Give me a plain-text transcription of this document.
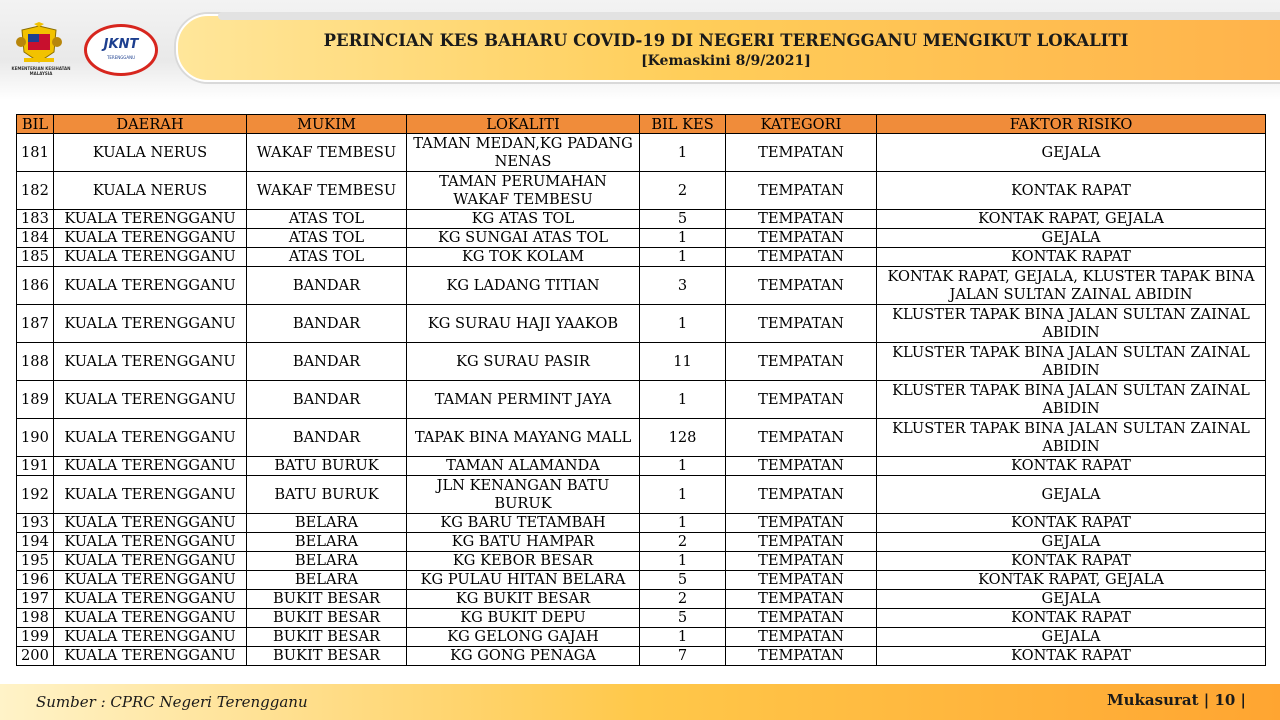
KEMENTERIAN KESIHATAN
MALAYSIA
JKNT
TERENGGANU
PERINCIAN KES BAHARU COVID-19 DI NEGERI TERENGGANU MENGIKUT LOKALITI
[Kemaskini 8/9/2021]
BIL	DAERAH	MUKIM	LOKALITI	BIL KES	KATEGORI	FAKTOR RISIKO
181	KUALA NERUS	WAKAF TEMBESU	TAMAN MEDAN,KG PADANG NENAS	1	TEMPATAN	GEJALA
182	KUALA NERUS	WAKAF TEMBESU	TAMAN PERUMAHAN WAKAF TEMBESU	2	TEMPATAN	KONTAK RAPAT
183	KUALA TERENGGANU	ATAS TOL	KG ATAS TOL	5	TEMPATAN	KONTAK RAPAT, GEJALA
184	KUALA TERENGGANU	ATAS TOL	KG SUNGAI ATAS TOL	1	TEMPATAN	GEJALA
185	KUALA TERENGGANU	ATAS TOL	KG TOK KOLAM	1	TEMPATAN	KONTAK RAPAT
186	KUALA TERENGGANU	BANDAR	KG LADANG TITIAN	3	TEMPATAN	KONTAK RAPAT, GEJALA, KLUSTER TAPAK BINA JALAN SULTAN ZAINAL ABIDIN
187	KUALA TERENGGANU	BANDAR	KG SURAU HAJI YAAKOB	1	TEMPATAN	KLUSTER TAPAK BINA JALAN SULTAN ZAINAL ABIDIN
188	KUALA TERENGGANU	BANDAR	KG SURAU PASIR	11	TEMPATAN	KLUSTER TAPAK BINA JALAN SULTAN ZAINAL ABIDIN
189	KUALA TERENGGANU	BANDAR	TAMAN PERMINT JAYA	1	TEMPATAN	KLUSTER TAPAK BINA JALAN SULTAN ZAINAL ABIDIN
190	KUALA TERENGGANU	BANDAR	TAPAK BINA MAYANG MALL	128	TEMPATAN	KLUSTER TAPAK BINA JALAN SULTAN ZAINAL ABIDIN
191	KUALA TERENGGANU	BATU BURUK	TAMAN ALAMANDA	1	TEMPATAN	KONTAK RAPAT
192	KUALA TERENGGANU	BATU BURUK	JLN KENANGAN BATU BURUK	1	TEMPATAN	GEJALA
193	KUALA TERENGGANU	BELARA	KG BARU TETAMBAH	1	TEMPATAN	KONTAK RAPAT
194	KUALA TERENGGANU	BELARA	KG BATU HAMPAR	2	TEMPATAN	GEJALA
195	KUALA TERENGGANU	BELARA	KG KEBOR BESAR	1	TEMPATAN	KONTAK RAPAT
196	KUALA TERENGGANU	BELARA	KG PULAU HITAN BELARA	5	TEMPATAN	KONTAK RAPAT, GEJALA
197	KUALA TERENGGANU	BUKIT BESAR	KG BUKIT BESAR	2	TEMPATAN	GEJALA
198	KUALA TERENGGANU	BUKIT BESAR	KG BUKIT DEPU	5	TEMPATAN	KONTAK RAPAT
199	KUALA TERENGGANU	BUKIT BESAR	KG GELONG GAJAH	1	TEMPATAN	GEJALA
200	KUALA TERENGGANU	BUKIT BESAR	KG GONG PENAGA	7	TEMPATAN	KONTAK RAPAT
Sumber : CPRC Negeri Terengganu	Mukasurat | 10 |
